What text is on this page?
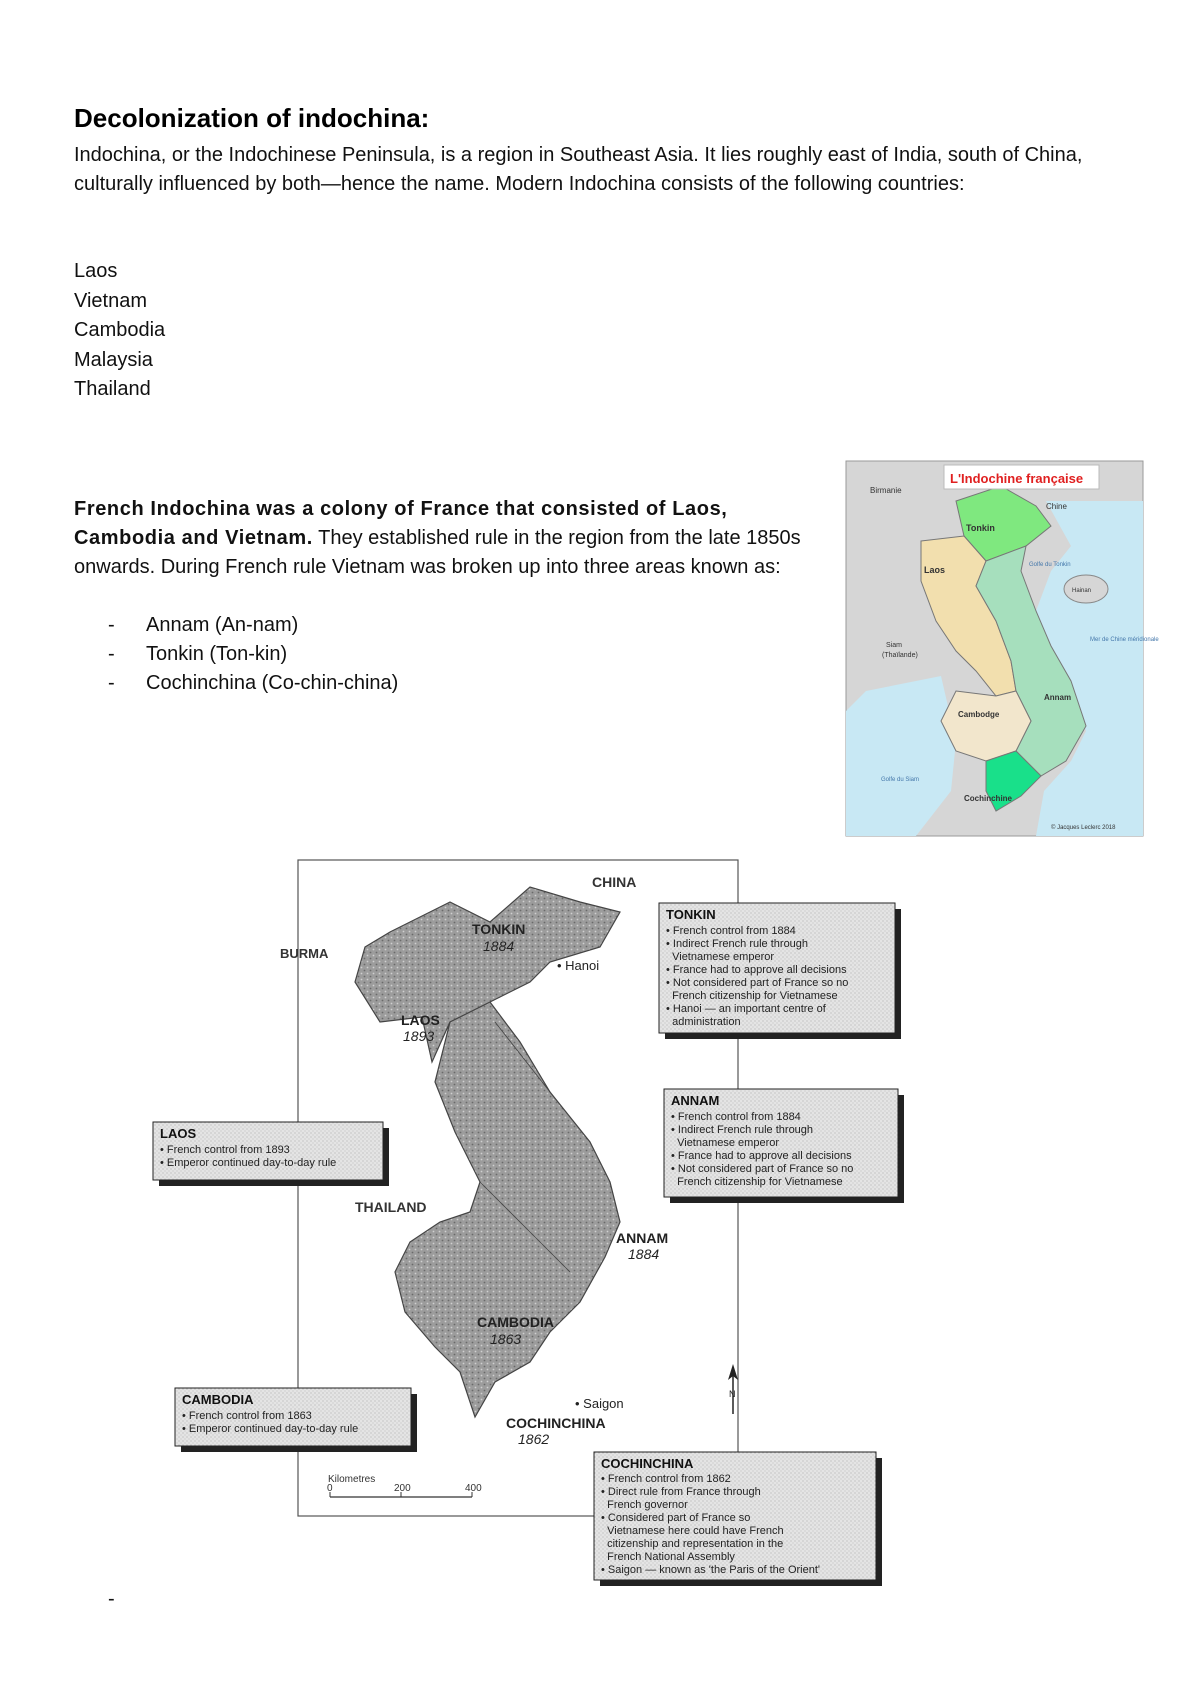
Decolonization of indochina:
Indochina, or the Indochinese Peninsula, is a region in Southeast Asia. It lies roughly east of India, south of China, culturally influenced by both—hence the name. Modern Indochina consists of the following countries:
Laos
Vietnam
Cambodia
Malaysia
Thailand
French Indochina was a colony of France that consisted of Laos, Cambodia and Vietnam. They established rule in the region from the late 1850s onwards. During French rule Vietnam was broken up into three areas known as:
- Annam (An-nam)
- Tonkin (Ton-kin)
- Cochinchina (Co-chin-china)
-
L'Indochine française
Birmanie
Chine
Tonkin
Laos	Golfe du Tonkin
Hainan
Siam
(Thaïlande)
Mer de Chine méridionale
Annam
Cambodge
Golfe du Siam
Cochinchine
© Jacques Leclerc 2018
CHINA
BURMA
TONKIN
1884
• Hanoi
LAOS
1893
THAILAND
ANNAM
1884
CAMBODIA
1863
• Saigon
COCHINCHINA
1862
N
Kilometres
0	200	400
TONKIN
• French control from 1884
• Indirect French rule through
Vietnamese emperor
• France had to approve all decisions
• Not considered part of France so no
French citizenship for Vietnamese
• Hanoi — an important centre of
administration
ANNAM
• French control from 1884
• Indirect French rule through
Vietnamese emperor
• France had to approve all decisions
• Not considered part of France so no
French citizenship for Vietnamese
LAOS
• French control from 1893
• Emperor continued day-to-day rule
CAMBODIA
• French control from 1863
• Emperor continued day-to-day rule
COCHINCHINA
• French control from 1862
• Direct rule from France through
French governor
• Considered part of France so
Vietnamese here could have French
citizenship and representation in the
French National Assembly
• Saigon — known as 'the Paris of the Orient'
